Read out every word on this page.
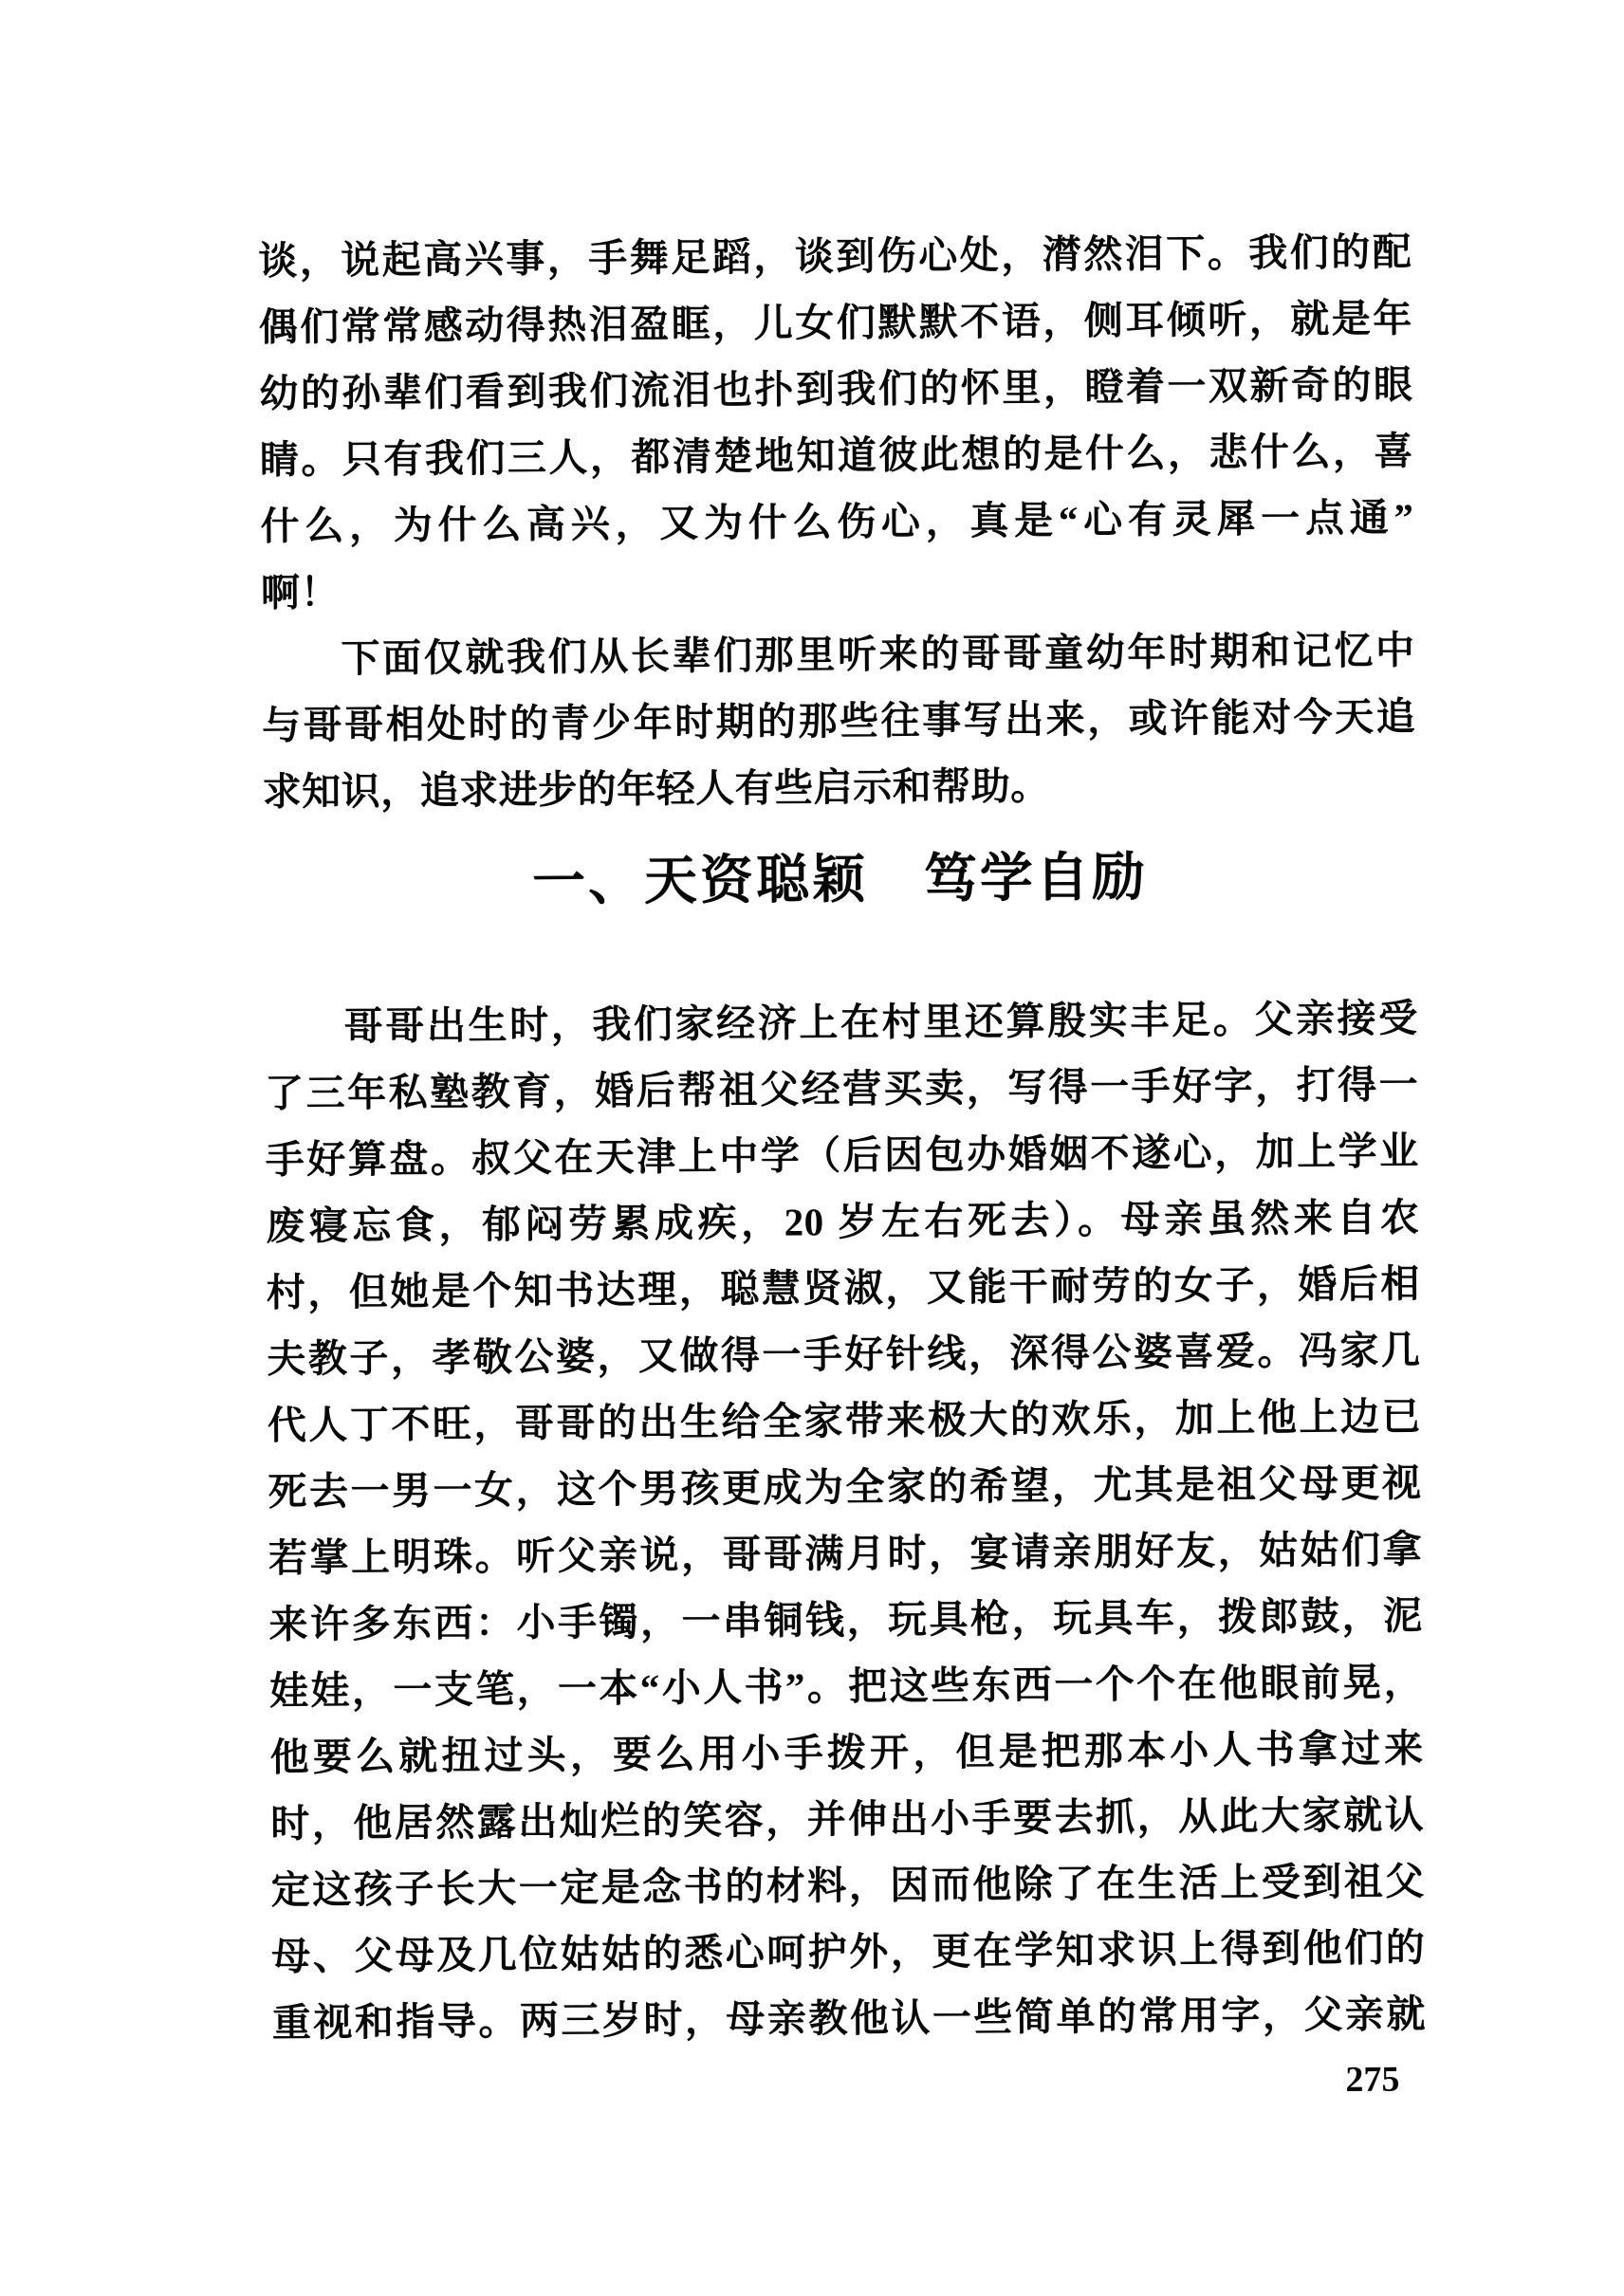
谈，说起高兴事，手舞足蹈，谈到伤心处，潸然泪下。我们的配
偶们常常感动得热泪盈眶，儿女们默默不语，侧耳倾听，就是年
幼的孙辈们看到我们流泪也扑到我们的怀里，瞪着一双新奇的眼
睛。只有我们三人，都清楚地知道彼此想的是什么，悲什么，喜
什么，为什么高兴，又为什么伤心，真是“心有灵犀一点通”
啊！
下面仅就我们从长辈们那里听来的哥哥童幼年时期和记忆中
与哥哥相处时的青少年时期的那些往事写出来，或许能对今天追
求知识，追求进步的年轻人有些启示和帮助。
一、天资聪颖　笃学自励
哥哥出生时，我们家经济上在村里还算殷实丰足。父亲接受
了三年私塾教育，婚后帮祖父经营买卖，写得一手好字，打得一
手好算盘。叔父在天津上中学（后因包办婚姻不遂心，加上学业
废寝忘食，郁闷劳累成疾，20 岁左右死去）。母亲虽然来自农
村，但她是个知书达理，聪慧贤淑，又能干耐劳的女子，婚后相
夫教子，孝敬公婆，又做得一手好针线，深得公婆喜爱。冯家几
代人丁不旺，哥哥的出生给全家带来极大的欢乐，加上他上边已
死去一男一女，这个男孩更成为全家的希望，尤其是祖父母更视
若掌上明珠。听父亲说，哥哥满月时，宴请亲朋好友，姑姑们拿
来许多东西：小手镯，一串铜钱，玩具枪，玩具车，拨郎鼓，泥
娃娃，一支笔，一本“小人书”。把这些东西一个个在他眼前晃，
他要么就扭过头，要么用小手拨开，但是把那本小人书拿过来
时，他居然露出灿烂的笑容，并伸出小手要去抓，从此大家就认
定这孩子长大一定是念书的材料，因而他除了在生活上受到祖父
母、父母及几位姑姑的悉心呵护外，更在学知求识上得到他们的
重视和指导。两三岁时，母亲教他认一些简单的常用字，父亲就
275
